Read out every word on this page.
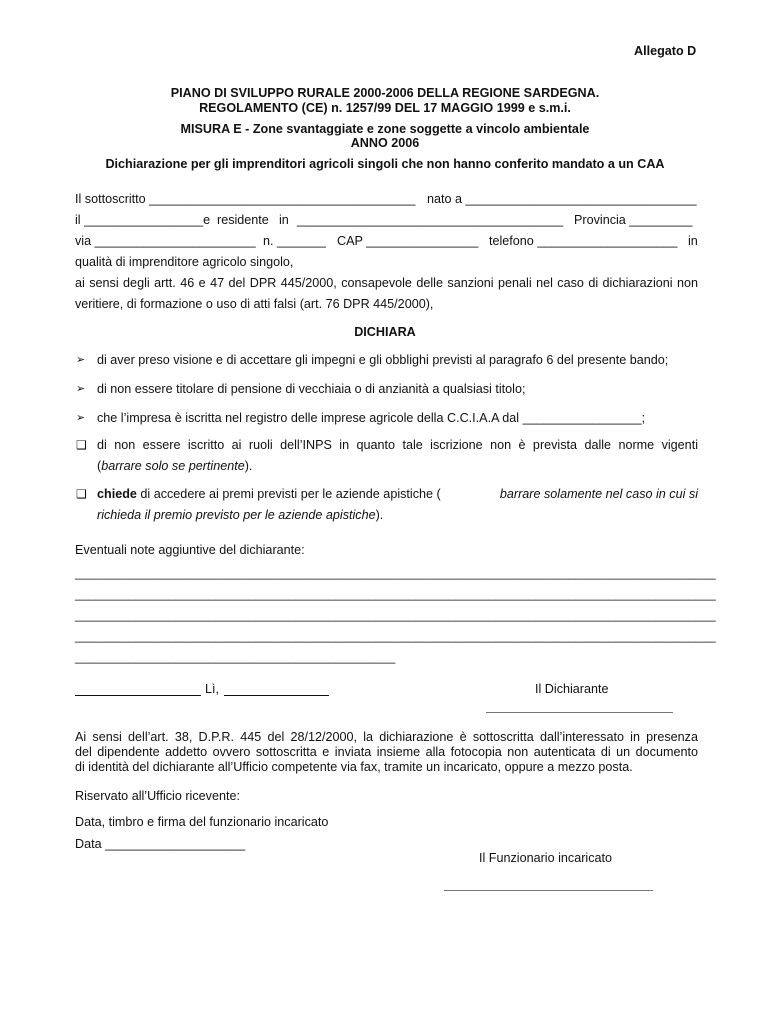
Allegato D
PIANO DI SVILUPPO RURALE 2000-2006 DELLA REGIONE SARDEGNA.
REGOLAMENTO (CE) n. 1257/99 DEL 17 MAGGIO 1999 e s.m.i.
MISURA E - Zone svantaggiate e zone soggette a vincolo ambientale
ANNO 2006
Dichiarazione per gli imprenditori agricoli singoli che non hanno conferito mandato a un CAA
Il sottoscritto ______________________________________ nato a _________________________________
il _________________e residente in ______________________________________ Provincia _________
via _______________________ n. _______ CAP ________________ telefono ____________________ in
qualità di imprenditore agricolo singolo,
ai sensi degli artt. 46 e 47 del DPR 445/2000, consapevole delle sanzioni penali nel caso di dichiarazioni non
veritiere, di formazione o uso di atti falsi (art. 76 DPR 445/2000),
DICHIARA
➢ di aver preso visione e di accettare gli impegni e gli obblighi previsti al paragrafo 6 del presente bando;
➢ di non essere titolare di pensione di vecchiaia o di anzianità a qualsiasi titolo;
➢ che l’impresa è iscritta nel registro delle imprese agricole della C.C.I.A.A dal _________________;
❑ di non essere iscritto ai ruoli dell’INPS in quanto tale iscrizione non è prevista dalle norme vigenti
(barrare solo se pertinente).
❑ chiede di accedere ai premi previsti per le aziende apistiche (	barrare solamente nel caso in cui si
richieda il premio previsto per le aziende apistiche).
Eventuali note aggiuntive del dichiarante:
________________________________________________________________________________________________
________________________________________________________________________________________________
________________________________________________________________________________________________
________________________________________________________________________________________________
________________________________________________
Lì,	Il Dichiarante
Ai sensi dell’art. 38, D.P.R. 445 del 28/12/2000, la dichiarazione è sottoscritta dall’interessato in presenza
del dipendente addetto ovvero sottoscritta e inviata insieme alla fotocopia non autenticata di un documento
di identità del dichiarante all’Ufficio competente via fax, tramite un incaricato, oppure a mezzo posta.
Riservato all’Ufficio ricevente:
Data, timbro e firma del funzionario incaricato
Data ____________________
Il Funzionario incaricato
